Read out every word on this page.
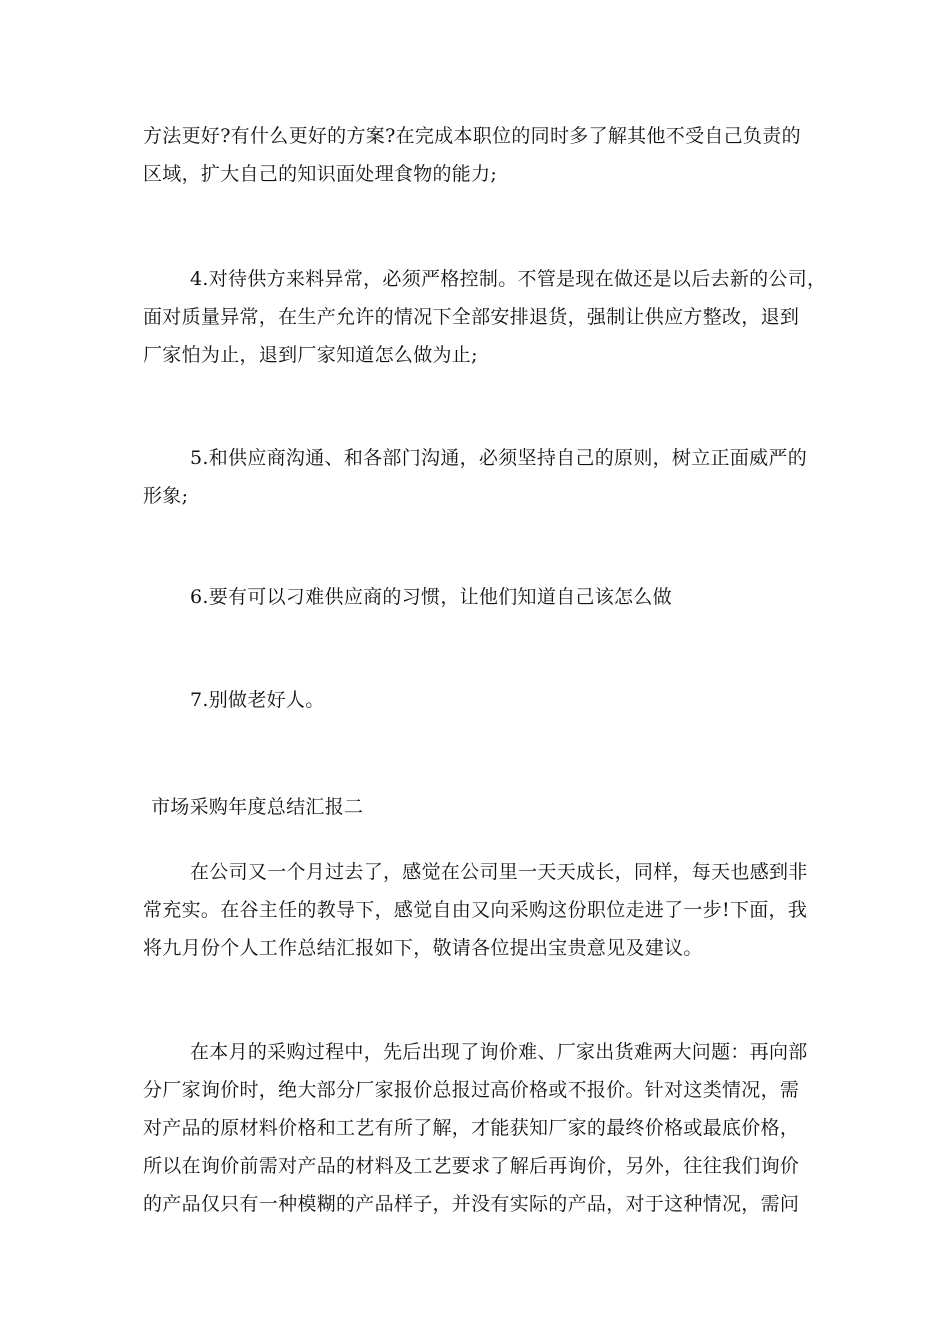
方法更好?有什么更好的方案?在完成本职位的同时多了解其他不受自己负责的
区域，扩大自己的知识面处理食物的能力;
4.对待供方来料异常，必须严格控制。不管是现在做还是以后去新的公司，
面对质量异常，在生产允许的情况下全部安排退货，强制让供应方整改，退到
厂家怕为止，退到厂家知道怎么做为止;
5.和供应商沟通、和各部门沟通，必须坚持自己的原则，树立正面威严的
形象;
6.要有可以刁难供应商的习惯，让他们知道自己该怎么做
7.别做老好人。
市场采购年度总结汇报二
在公司又一个月过去了，感觉在公司里一天天成长，同样，每天也感到非
常充实。在谷主任的教导下，感觉自由又向采购这份职位走进了一步!下面，我
将九月份个人工作总结汇报如下，敬请各位提出宝贵意见及建议。
在本月的采购过程中，先后出现了询价难、厂家出货难两大问题：再向部
分厂家询价时，绝大部分厂家报价总报过高价格或不报价。针对这类情况，需
对产品的原材料价格和工艺有所了解，才能获知厂家的最终价格或最底价格，
所以在询价前需对产品的材料及工艺要求了解后再询价，另外，往往我们询价
的产品仅只有一种模糊的产品样子，并没有实际的产品，对于这种情况，需问
